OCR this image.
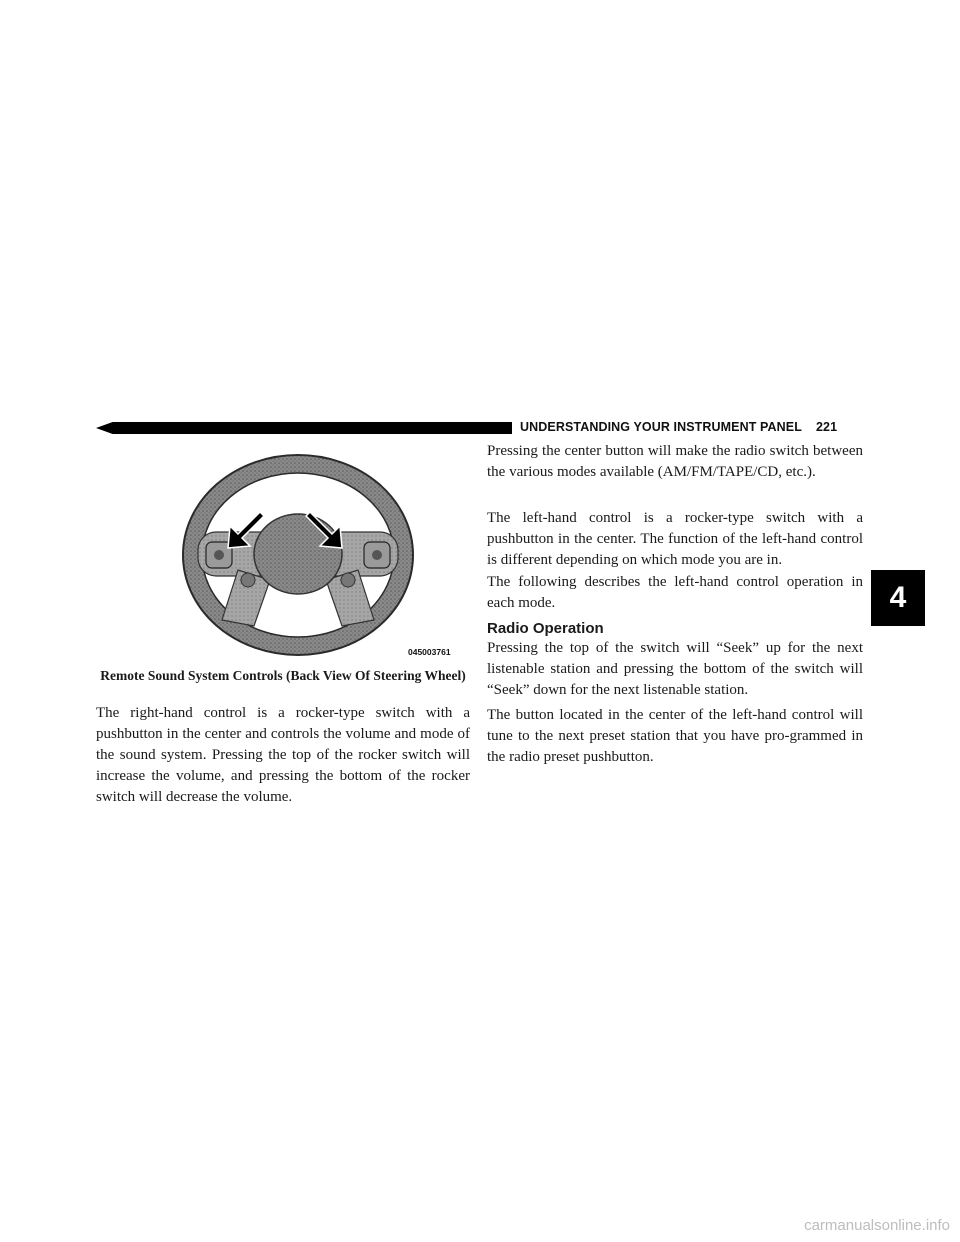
UNDERSTANDING YOUR INSTRUMENT PANEL 221
045003761
Remote Sound System Controls (Back View Of Steering Wheel)

The right-hand control is a rocker-type switch with a pushbutton in the center and controls the volume and mode of the sound system. Pressing the top of the rocker switch will increase the volume, and pressing the bottom of the rocker switch will decrease the volume.

Pressing the center button will make the radio switch between the various modes available (AM/FM/TAPE/CD, etc.).

The left-hand control is a rocker-type switch with a pushbutton in the center. The function of the left-hand control is different depending on which mode you are in.

The following describes the left-hand control operation in each mode.

Radio Operation

Pressing the top of the switch will “Seek” up for the next listenable station and pressing the bottom of the switch will “Seek” down for the next listenable station.

The button located in the center of the left-hand control will tune to the next preset station that you have pro-grammed in the radio preset pushbutton.

4
carmanualsonline.info
